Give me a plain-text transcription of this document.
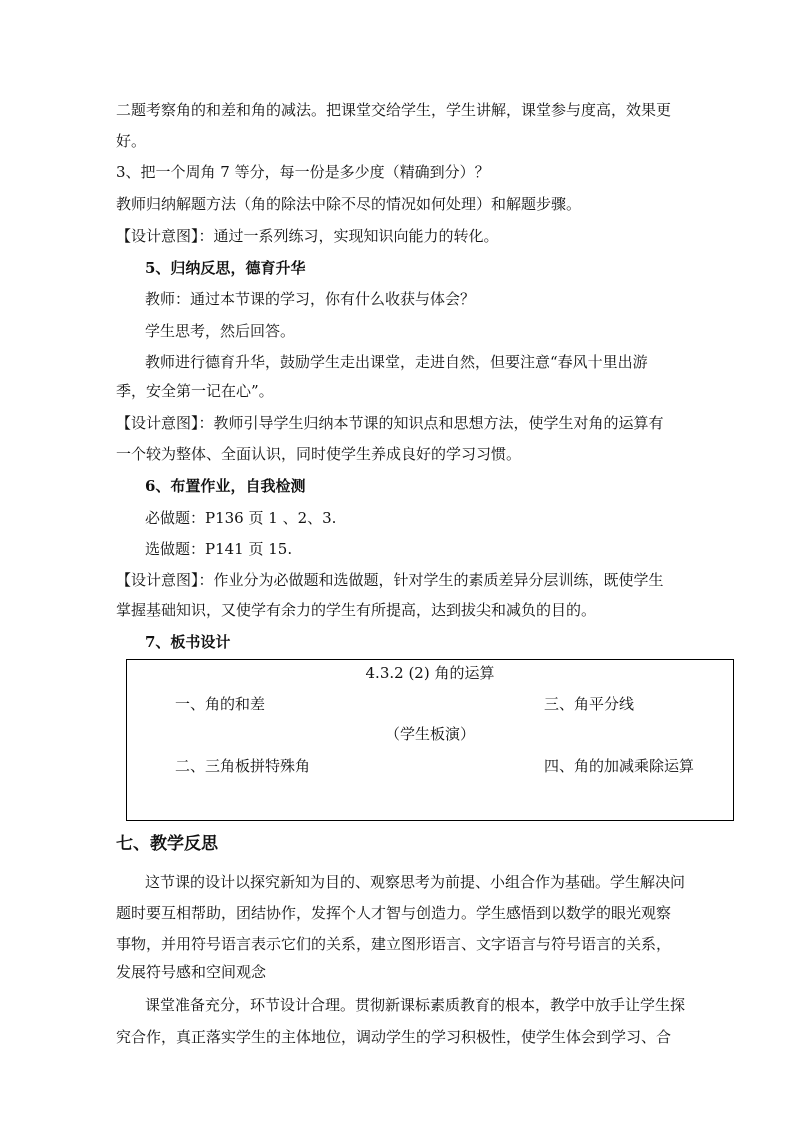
二题考察角的和差和角的减法。把课堂交给学生，学生讲解，课堂参与度高，效果更
好。
3、把一个周角 7 等分，每一份是多少度（精确到分）？
教师归纳解题方法（角的除法中除不尽的情况如何处理）和解题步骤。
【设计意图】：通过一系列练习，实现知识向能力的转化。
5、归纳反思，德育升华
教师：通过本节课的学习，你有什么收获与体会？
学生思考，然后回答。
教师进行德育升华，鼓励学生走出课堂，走进自然，但要注意“春风十里出游
季，安全第一记在心”。
【设计意图】：教师引导学生归纳本节课的知识点和思想方法，使学生对角的运算有
一个较为整体、全面认识，同时使学生养成良好的学习习惯。
6、布置作业，自我检测
必做题：P136 页 1 、2、3.
选做题：P141 页 15.
【设计意图】：作业分为必做题和选做题，针对学生的素质差异分层训练，既使学生
掌握基础知识，又使学有余力的学生有所提高，达到拔尖和减负的目的。
7、板书设计
4.3.2 (2) 角的运算
一、角的和差	三、角平分线
（学生板演）
二、三角板拼特殊角	四、角的加减乘除运算
七、教学反思
这节课的设计以探究新知为目的、观察思考为前提、小组合作为基础。学生解决问
题时要互相帮助，团结协作，发挥个人才智与创造力。学生感悟到以数学的眼光观察
事物，并用符号语言表示它们的关系，建立图形语言、文字语言与符号语言的关系，
发展符号感和空间观念
课堂准备充分，环节设计合理。贯彻新课标素质教育的根本，教学中放手让学生探
究合作，真正落实学生的主体地位，调动学生的学习积极性，使学生体会到学习、合
